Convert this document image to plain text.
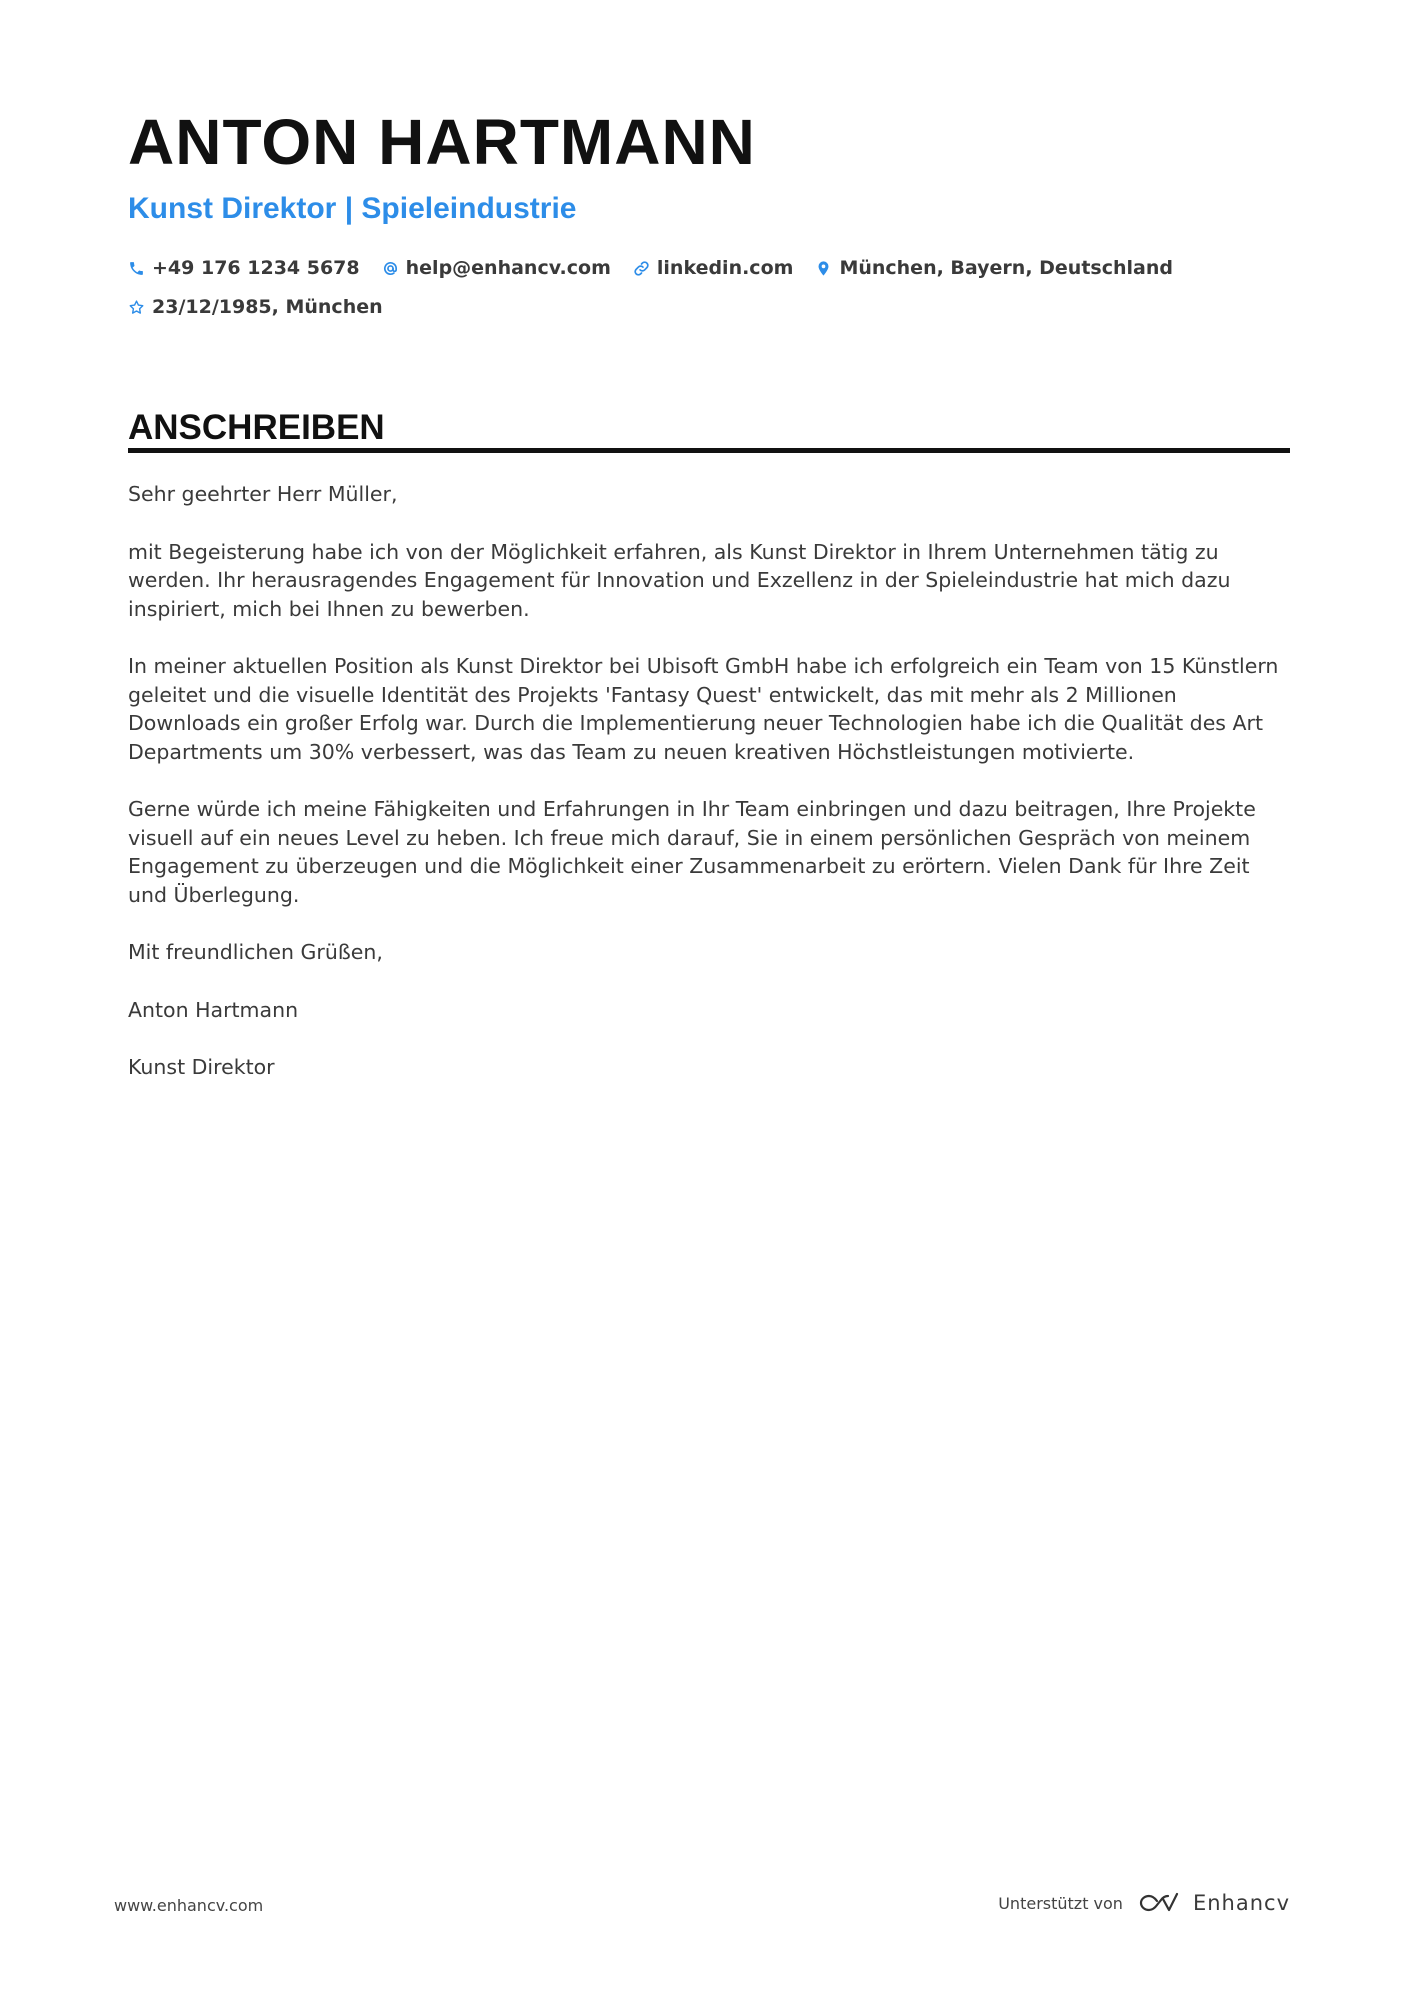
ANTON HARTMANN
Kunst Direktor | Spieleindustrie
+49 176 1234 5678 help@enhancv.com linkedin.com München, Bayern, Deutschland
23/12/1985, München
ANSCHREIBEN

Sehr geehrter Herr Müller,

mit Begeisterung habe ich von der Möglichkeit erfahren, als Kunst Direktor in Ihrem Unternehmen tätig zu werden. Ihr herausragendes Engagement für Innovation und Exzellenz in der Spieleindustrie hat mich dazu inspiriert, mich bei Ihnen zu bewerben.

In meiner aktuellen Position als Kunst Direktor bei Ubisoft GmbH habe ich erfolgreich ein Team von 15 Künstlern geleitet und die visuelle Identität des Projekts 'Fantasy Quest' entwickelt, das mit mehr als 2 Millionen Downloads ein großer Erfolg war. Durch die Implementierung neuer Technologien habe ich die Qualität des Art Departments um 30% verbessert, was das Team zu neuen kreativen Höchstleistungen motivierte.

Gerne würde ich meine Fähigkeiten und Erfahrungen in Ihr Team einbringen und dazu beitragen, Ihre Projekte visuell auf ein neues Level zu heben. Ich freue mich darauf, Sie in einem persönlichen Gespräch von meinem Engagement zu überzeugen und die Möglichkeit einer Zusammenarbeit zu erörtern. Vielen Dank für Ihre Zeit und Überlegung.

Mit freundlichen Grüßen,

Anton Hartmann

Kunst Direktor

www.enhancv.com	Unterstützt von	Enhancv
